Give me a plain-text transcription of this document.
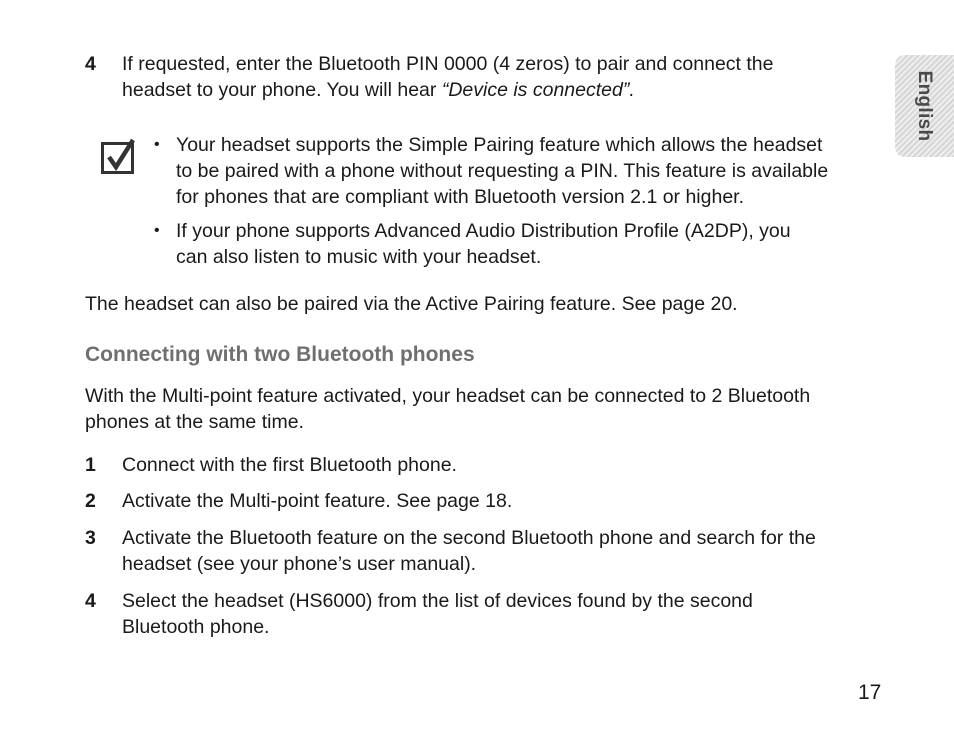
English
4 If requested, enter the Bluetooth PIN 0000 (4 zeros) to pair and connect the
headset to your phone. You will hear “Device is connected”.
• Your headset supports the Simple Pairing feature which allows the headset
to be paired with a phone without requesting a PIN. This feature is available
for phones that are compliant with Bluetooth version 2.1 or higher.
• If your phone supports Advanced Audio Distribution Profile (A2DP), you
can also listen to music with your headset.
The headset can also be paired via the Active Pairing feature. See page 20.
Connecting with two Bluetooth phones
With the Multi-point feature activated, your headset can be connected to 2 Bluetooth
phones at the same time.
1 Connect with the first Bluetooth phone.
2 Activate the Multi-point feature. See page 18.
3 Activate the Bluetooth feature on the second Bluetooth phone and search for the
headset (see your phone’s user manual).
4 Select the headset (HS6000) from the list of devices found by the second
Bluetooth phone.
17
